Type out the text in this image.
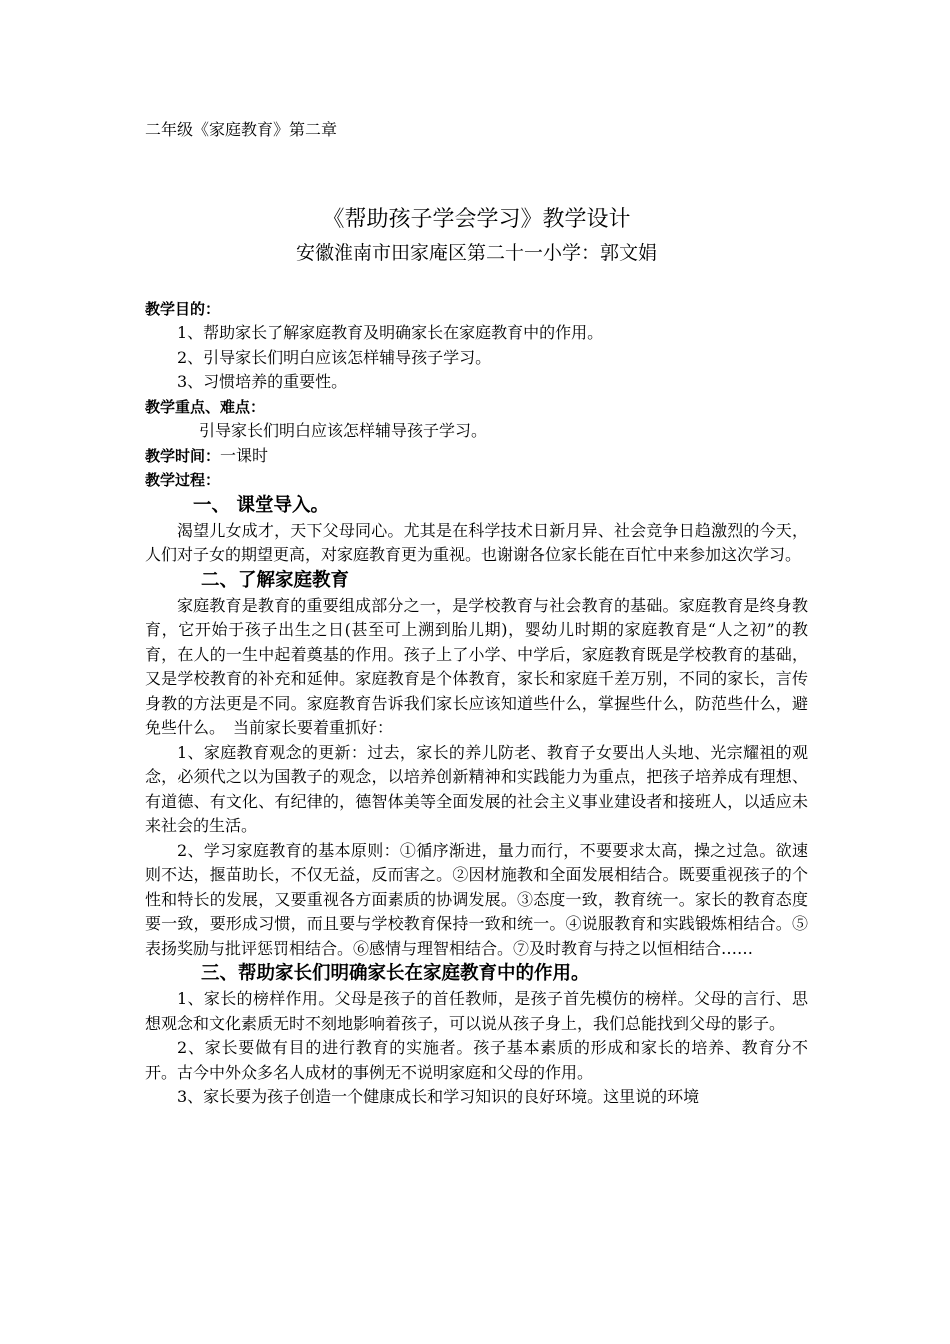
二年级《家庭教育》第二章
《帮助孩子学会学习》教学设计
安徽淮南市田家庵区第二十一小学：郭文娟
教学目的：
1、帮助家长了解家庭教育及明确家长在家庭教育中的作用。
2、引导家长们明白应该怎样辅导孩子学习。
3、习惯培养的重要性。
教学重点、难点：
引导家长们明白应该怎样辅导孩子学习。
教学时间：一课时
教学过程：
一、 课堂导入。
渴望儿女成才，天下父母同心。尤其是在科学技术日新月异、社会竞争日趋激烈的今天，人们对子女的期望更高，对家庭教育更为重视。也谢谢各位家长能在百忙中来参加这次学习。
二、了解家庭教育
家庭教育是教育的重要组成部分之一，是学校教育与社会教育的基础。家庭教育是终身教育，它开始于孩子出生之日(甚至可上溯到胎儿期)，婴幼儿时期的家庭教育是“人之初”的教育，在人的一生中起着奠基的作用。孩子上了小学、中学后，家庭教育既是学校教育的基础，又是学校教育的补充和延伸。家庭教育是个体教育，家长和家庭千差万别，不同的家长，言传身教的方法更是不同。家庭教育告诉我们家长应该知道些什么，掌握些什么，防范些什么，避免些什么。　当前家长要着重抓好：
1、家庭教育观念的更新：过去，家长的养儿防老、教育子女要出人头地、光宗耀祖的观念，必须代之以为国教子的观念，以培养创新精神和实践能力为重点，把孩子培养成有理想、有道德、有文化、有纪律的，德智体美等全面发展的社会主义事业建设者和接班人，以适应未来社会的生活。
2、学习家庭教育的基本原则：①循序渐进，量力而行，不要要求太高，操之过急。欲速则不达，揠苗助长，不仅无益，反而害之。②因材施教和全面发展相结合。既要重视孩子的个性和特长的发展，又要重视各方面素质的协调发展。③态度一致，教育统一。家长的教育态度要一致，要形成习惯，而且要与学校教育保持一致和统一。④说服教育和实践锻炼相结合。⑤表扬奖励与批评惩罚相结合。⑥感情与理智相结合。⑦及时教育与持之以恒相结合……
三、帮助家长们明确家长在家庭教育中的作用。
1、家长的榜样作用。父母是孩子的首任教师，是孩子首先模仿的榜样。父母的言行、思想观念和文化素质无时不刻地影响着孩子，可以说从孩子身上，我们总能找到父母的影子。
2、家长要做有目的进行教育的实施者。孩子基本素质的形成和家长的培养、教育分不开。古今中外众多名人成材的事例无不说明家庭和父母的作用。
3、家长要为孩子创造一个健康成长和学习知识的良好环境。这里说的环境
